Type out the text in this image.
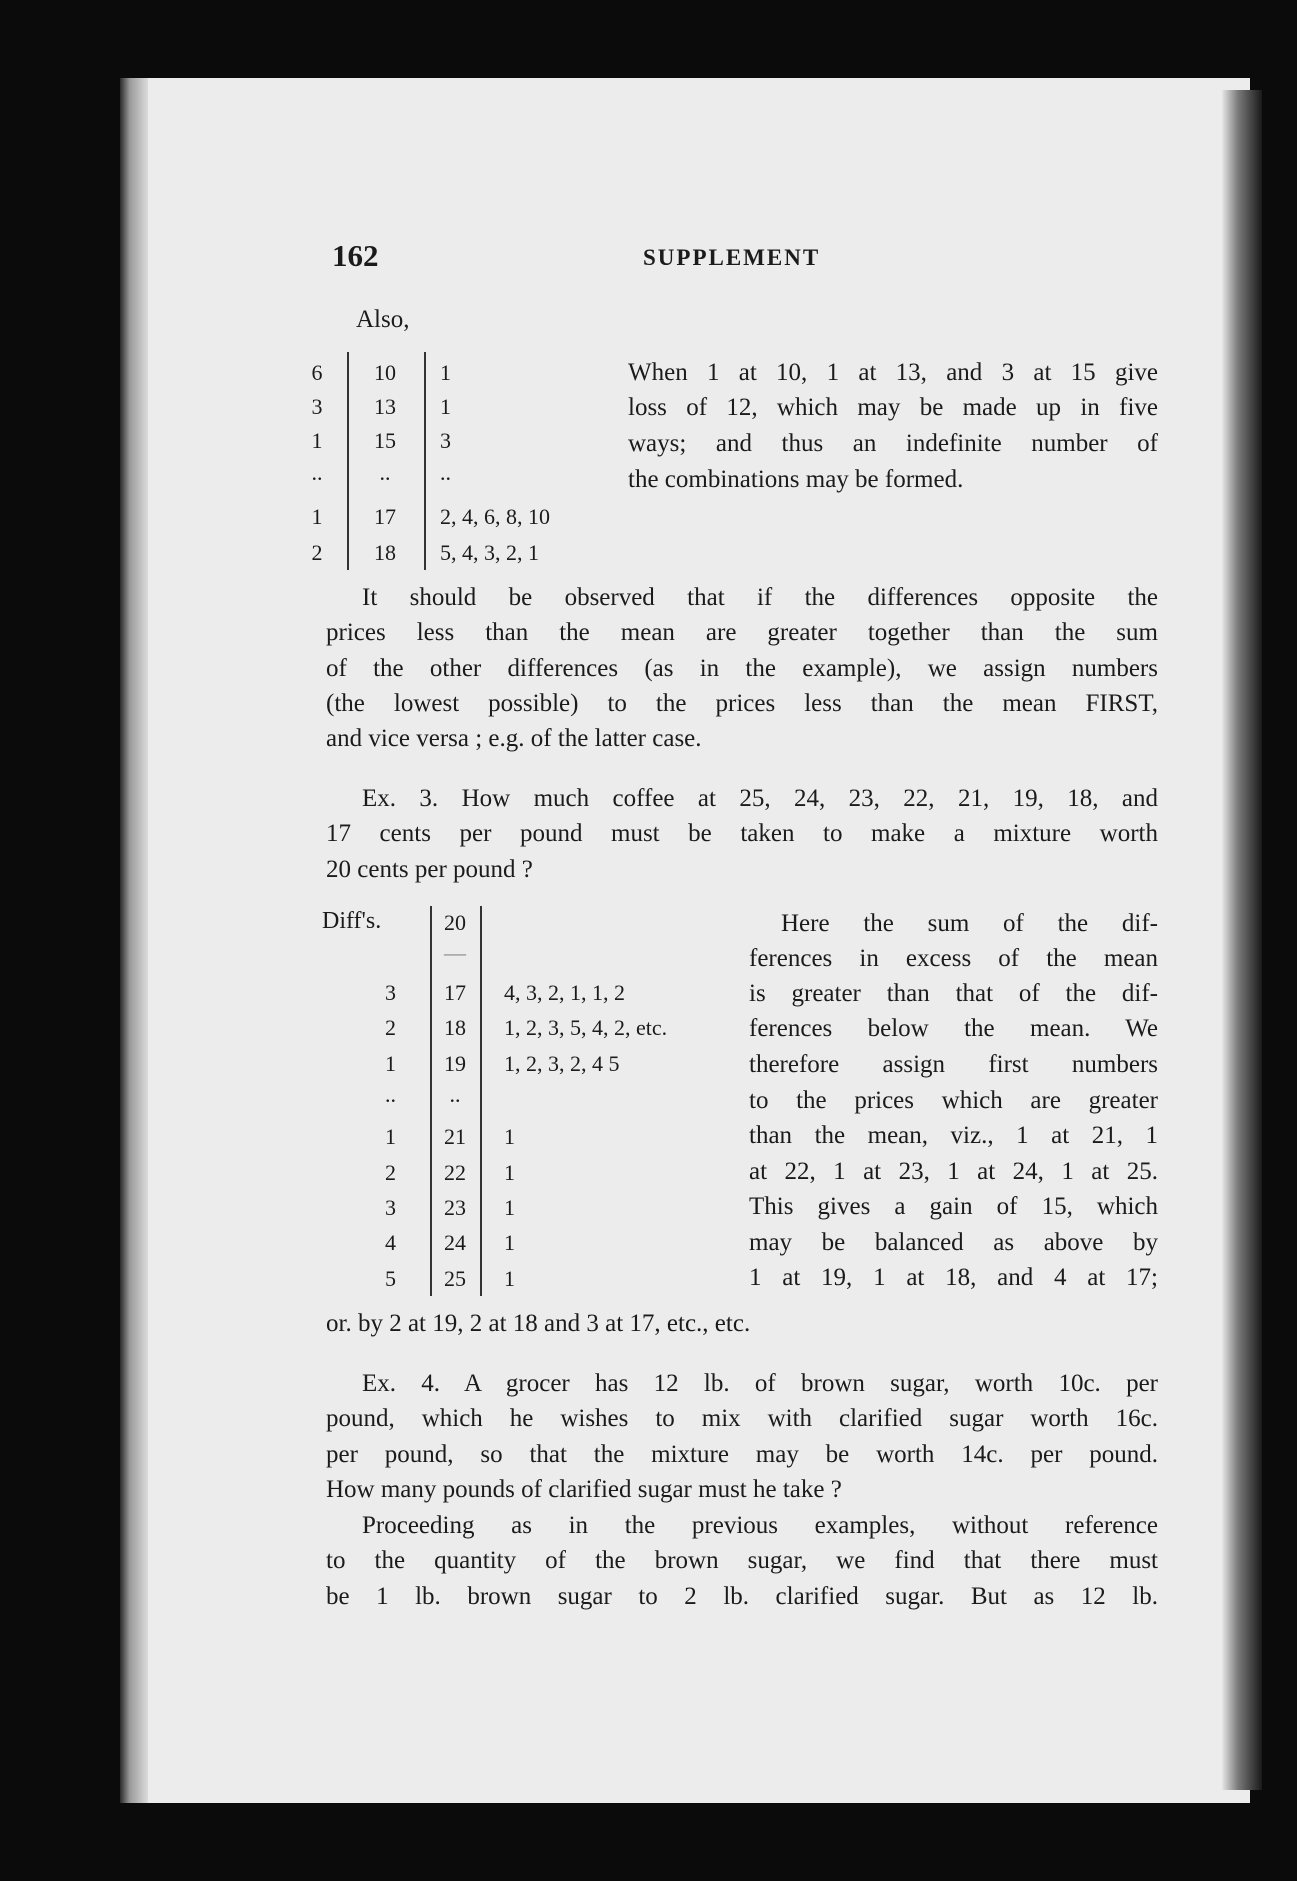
162	SUPPLEMENT
Also,
6	10	1
3	13	1
1	15	3
..	..	..
1	17	2, 4, 6, 8, 10
2	18	5, 4, 3, 2, 1
When 1 at 10, 1 at 13, and 3 at 15 give
loss of 12, which may be made up in five
ways; and thus an indefinite number of
the combinations may be formed.
It should be observed that if the differences opposite the
prices less than the mean are greater together than the sum
of the other differences (as in the example), we assign numbers
(the lowest possible) to the prices less than the mean FIRST,
and vice versa ; e.g. of the latter case.
Ex. 3. How much coffee at 25, 24, 23, 22, 21, 19, 18, and
17 cents per pound must be taken to make a mixture worth
20 cents per pound ?
Diff's.	20
—
3	17	4, 3, 2, 1, 1, 2
2	18	1, 2, 3, 5, 4, 2, etc.
1	19	1, 2, 3, 2, 4 5
..	..
1	21	1
2	22	1
3	23	1
4	24	1
5	25	1
Here the sum of the dif-
ferences in excess of the mean
is greater than that of the dif-
ferences below the mean. We
therefore assign first numbers
to the prices which are greater
than the mean, viz., 1 at 21, 1
at 22, 1 at 23, 1 at 24, 1 at 25.
This gives a gain of 15, which
may be balanced as above by
1 at 19, 1 at 18, and 4 at 17;
or. by 2 at 19, 2 at 18 and 3 at 17, etc., etc.
Ex. 4. A grocer has 12 lb. of brown sugar, worth 10c. per
pound, which he wishes to mix with clarified sugar worth 16c.
per pound, so that the mixture may be worth 14c. per pound.
How many pounds of clarified sugar must he take ?
Proceeding as in the previous examples, without reference
to the quantity of the brown sugar, we find that there must
be 1 lb. brown sugar to 2 lb. clarified sugar. But as 12 lb.
